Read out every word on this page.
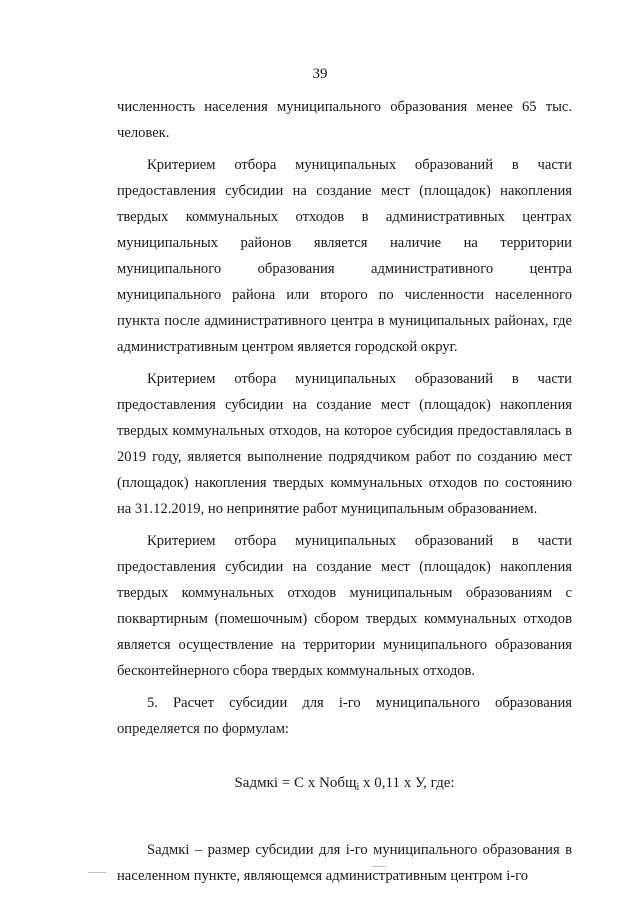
39

численность населения муниципального образования менее 65 тыс. человек.

Критерием отбора муниципальных образований в части предоставления субсидии на создание мест (площадок) накопления твердых коммунальных отходов в административных центрах муниципальных районов является наличие на территории муниципального образования административного центра муниципального района или второго по численности населенного пункта после административного центра в муниципальных районах, где административным центром является городской округ.

Критерием отбора муниципальных образований в части предоставления субсидии на создание мест (площадок) накопления твердых коммунальных отходов, на которое субсидия предоставлялась в 2019 году, является выполнение подрядчиком работ по созданию мест (площадок) накопления твердых коммунальных отходов по состоянию на 31.12.2019, но непринятие работ муниципальным образованием.

Критерием отбора муниципальных образований в части предоставления субсидии на создание мест (площадок) накопления твердых коммунальных отходов муниципальным образованиям с поквартирным (помешочным) сбором твердых коммунальных отходов является осуществление на территории муниципального образования бесконтейнерного сбора твердых коммунальных отходов.

5. Расчет субсидии для i-го муниципального образования определяется по формулам:

Sадмкі = С х Nобщ$_i$ х 0,11 х У, где:

Sадмкі – размер субсидии для і-го муниципального образования в населенном пункте, являющемся административным центром і-го
